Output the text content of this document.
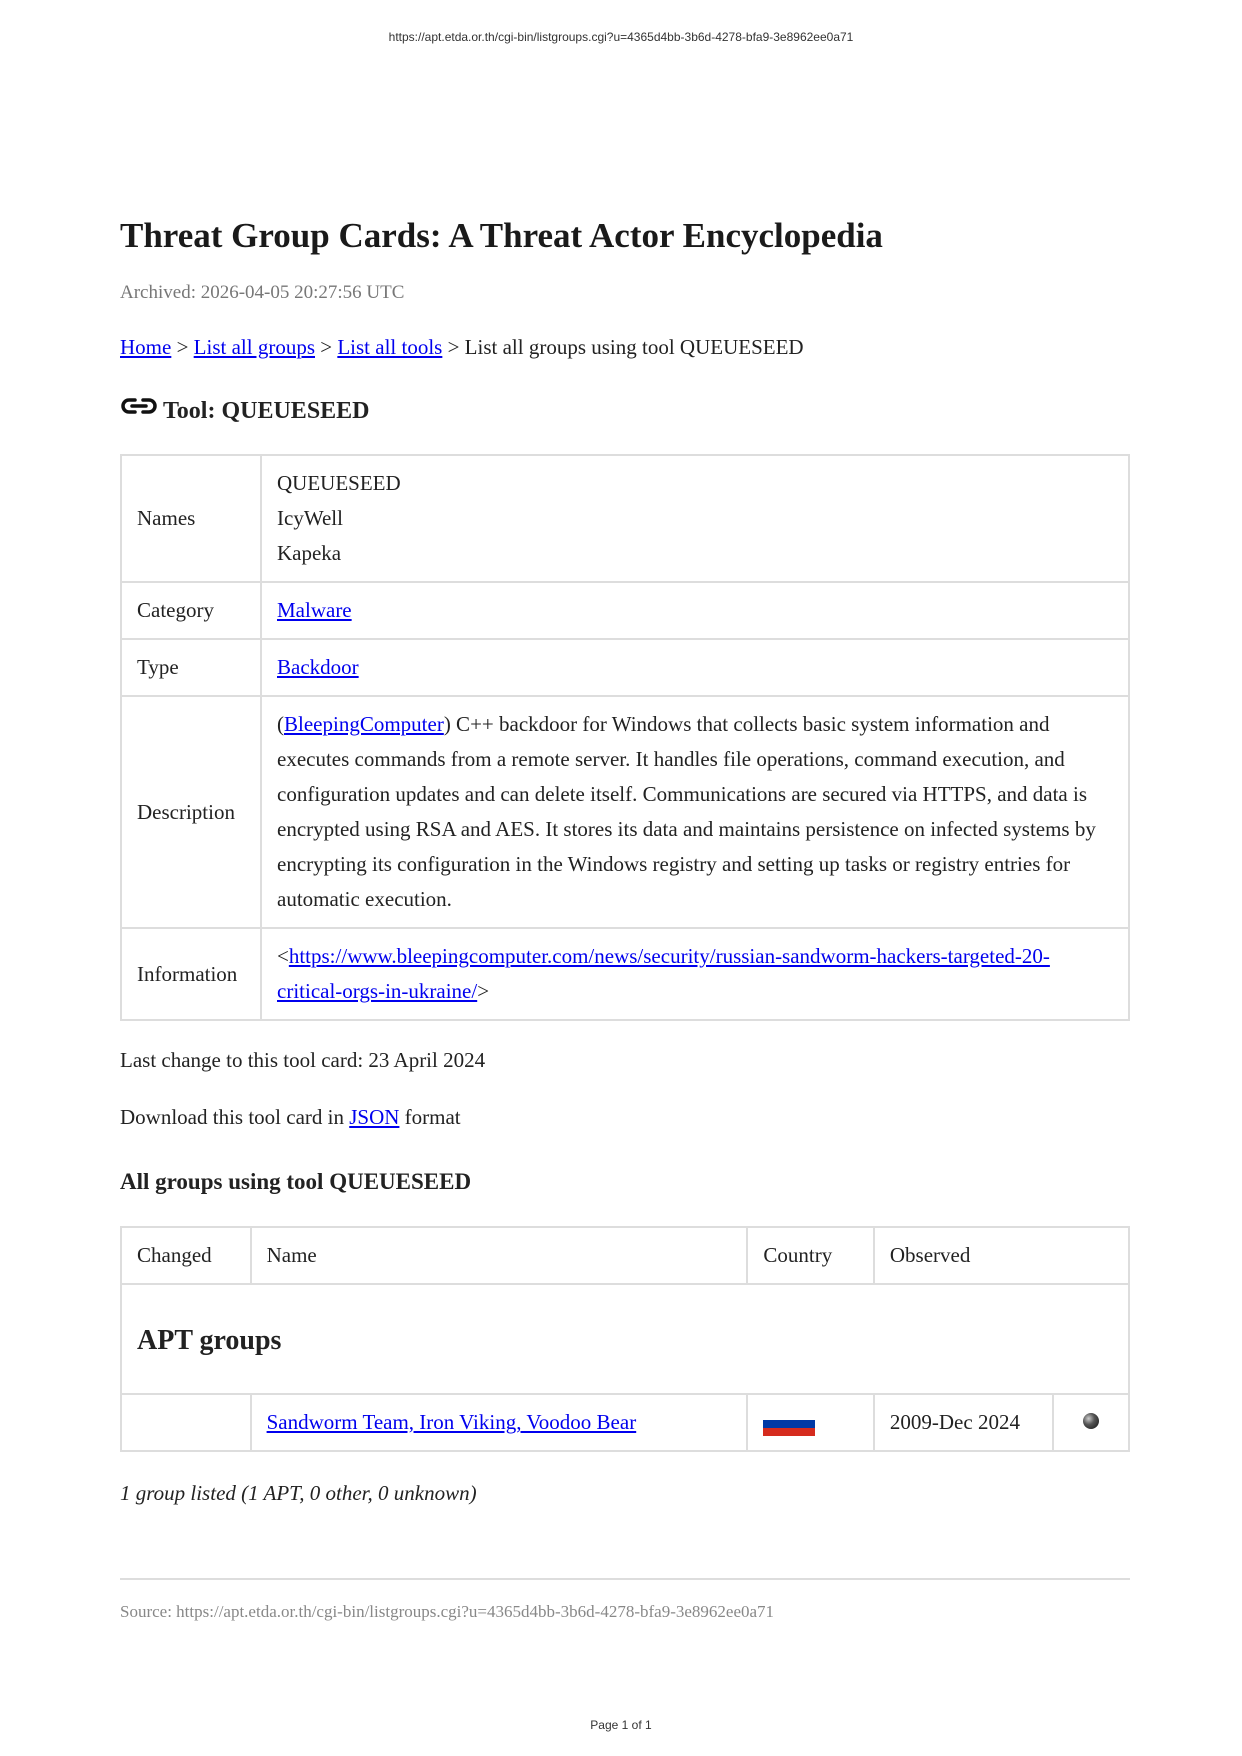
https://apt.etda.or.th/cgi-bin/listgroups.cgi?u=4365d4bb-3b6d-4278-bfa9-3e8962ee0a71
Threat Group Cards: A Threat Actor Encyclopedia
Archived: 2026-04-05 20:27:56 UTC
Home > List all groups > List all tools > List all groups using tool QUEUESEED
Tool: QUEUESEED
Names	QUEUESEED
IcyWell
Kapeka

Category	Malware
Type	Backdoor
Description	(BleepingComputer) C++ backdoor for Windows that collects basic system information and executes commands from a remote server. It handles file operations, command execution, and configuration updates and can delete itself. Communications are secured via HTTPS, and data is encrypted using RSA and AES. It stores its data and maintains persistence on infected systems by encrypting its configuration in the Windows registry and setting up tasks or registry entries for automatic execution.
Information	<https://www.bleepingcomputer.com/news/security/russian-sandworm-hackers-targeted-20-critical-orgs-in-ukraine/>
Last change to this tool card: 23 April 2024
Download this tool card in JSON format
All groups using tool QUEUESEED
Changed	Name	Country	Observed	
APT groups				
	Sandworm Team, Iron Viking, Voodoo Bear		2009-Dec 2024	
1 group listed (1 APT, 0 other, 0 unknown)
Source: https://apt.etda.or.th/cgi-bin/listgroups.cgi?u=4365d4bb-3b6d-4278-bfa9-3e8962ee0a71
Page 1 of 1
